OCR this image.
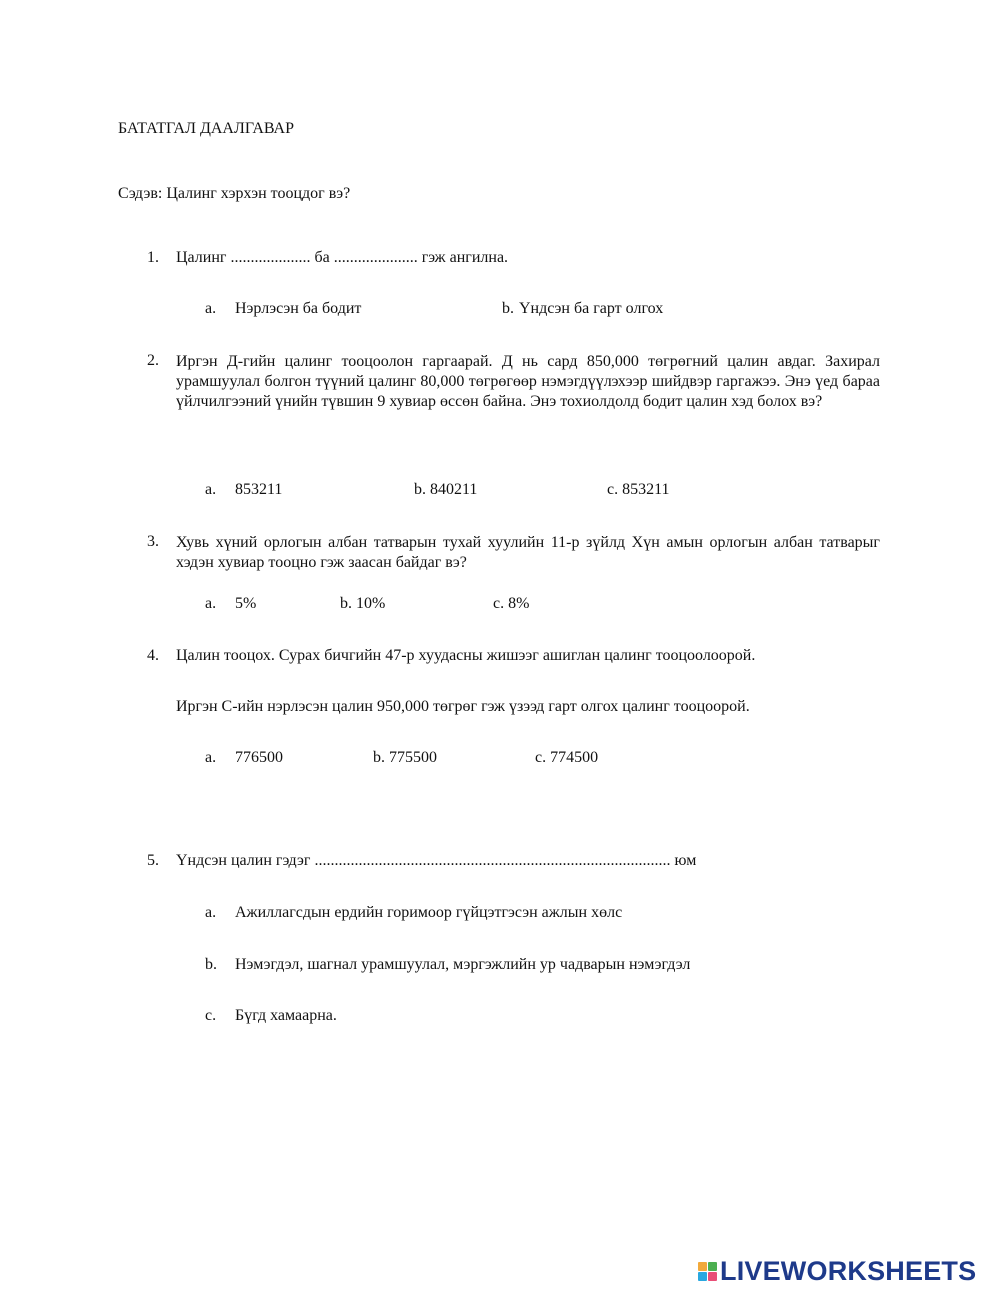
БАТАТГАЛ ДААЛГАВАР
Сэдэв: Цалинг хэрхэн тооцдог вэ?
1. Цалинг .................... ба ..................... гэж ангилна.
a. Нэрлэсэн ба бодит	b. Үндсэн ба гарт олгох
2. Иргэн Д-гийн цалинг тооцоолон гаргаарай. Д нь сард 850,000 төгрөгний цалин авдаг. Захирал урамшуулал болгон түүний цалинг 80,000 төгрөгөөр нэмэгдүүлэхээр шийдвэр гаргажээ. Энэ үед бараа үйлчилгээний үнийн түвшин 9 хувиар өссөн байна. Энэ тохиолдолд бодит цалин хэд болох вэ?
a. 853211	b. 840211	c. 853211
3. Хувь хүний орлогын албан татварын тухай хуулийн 11-р зүйлд Хүн амын орлогын албан татварыг хэдэн хувиар тооцно гэж заасан байдаг вэ?
a. 5%	b. 10%	c. 8%
4. Цалин тооцох. Сурах бичгийн 47-р хуудасны жишээг ашиглан цалинг тооцоолоорой.
Иргэн С-ийн нэрлэсэн цалин 950,000 төгрөг гэж үзээд гарт олгох цалинг тооцоорой.
a. 776500	b. 775500	c. 774500
5. Үндсэн цалин гэдэг ......................................................................................... юм
a. Ажиллагсдын ердийн горимоор гүйцэтгэсэн ажлын хөлс
b. Нэмэгдэл, шагнал урамшуулал, мэргэжлийн ур чадварын нэмэгдэл
c. Бүгд хамаарна.
LIVEWORKSHEETS
